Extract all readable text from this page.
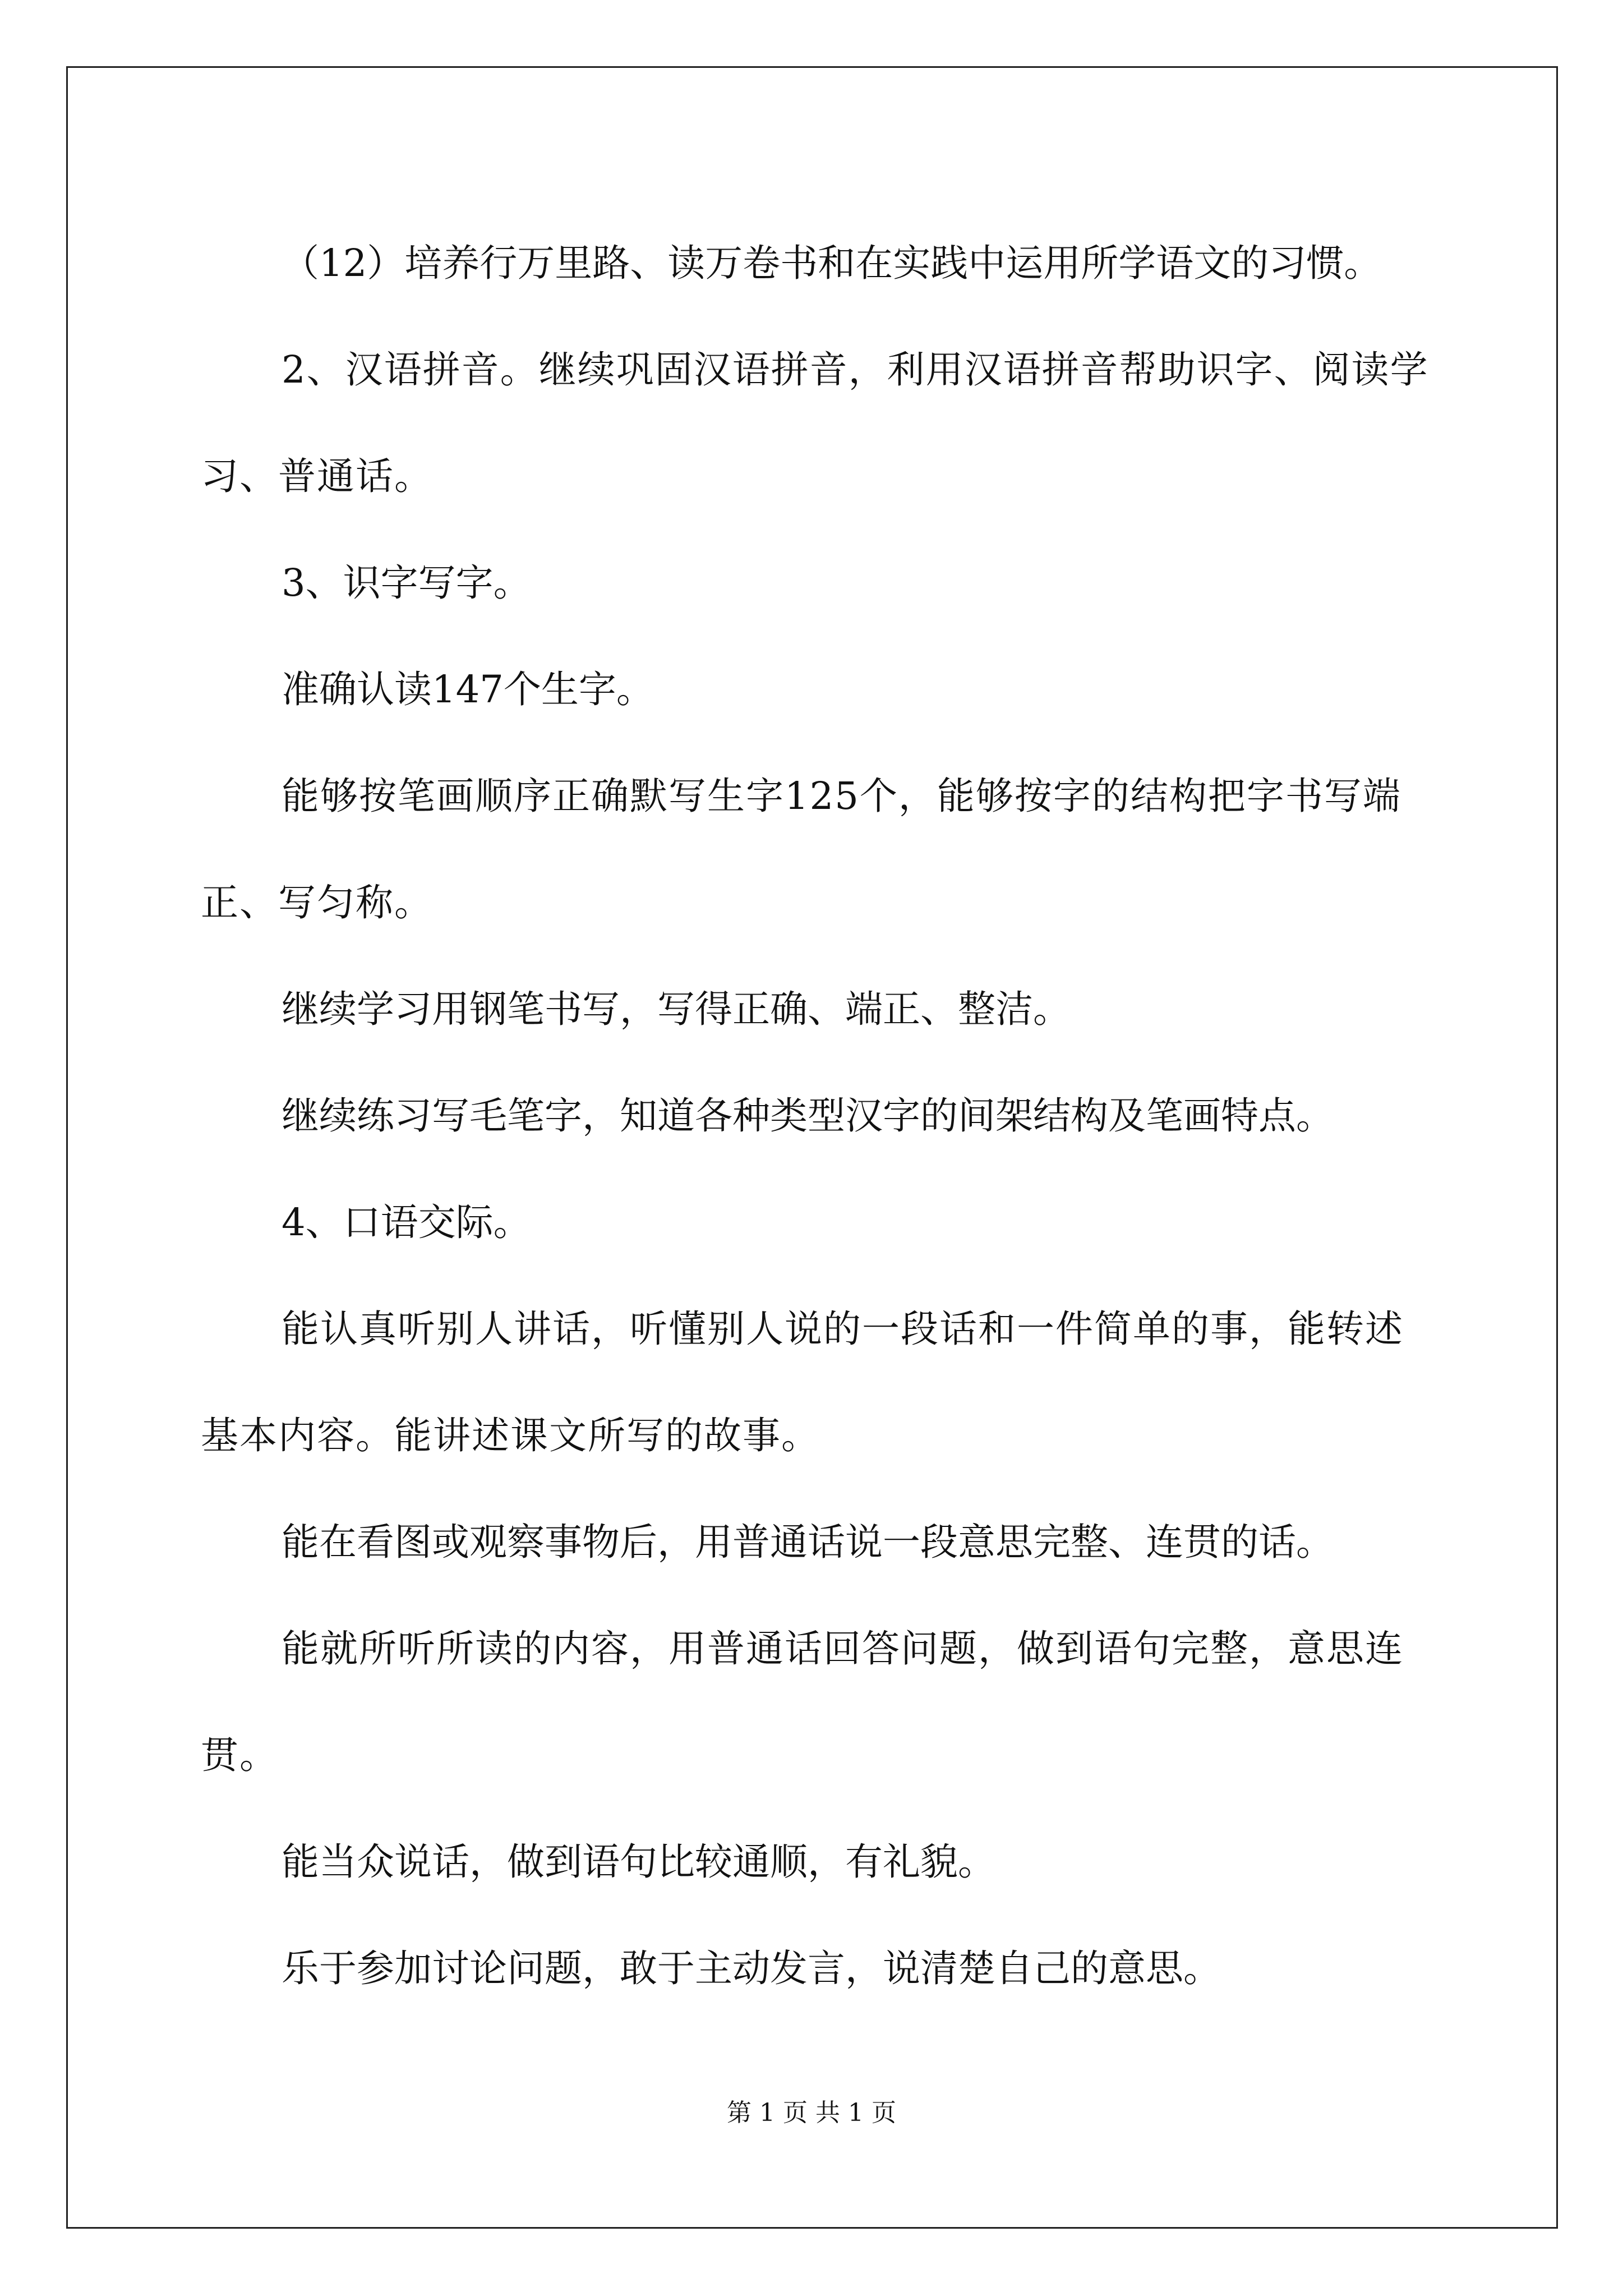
（12）培养行万里路、读万卷书和在实践中运用所学语文的习惯。

2、汉语拼音。继续巩固汉语拼音，利用汉语拼音帮助识字、阅读学习、普通话。

3、识字写字。

准确认读147个生字。

能够按笔画顺序正确默写生字125个，能够按字的结构把字书写端正、写匀称。

继续学习用钢笔书写，写得正确、端正、整洁。

继续练习写毛笔字，知道各种类型汉字的间架结构及笔画特点。

4、口语交际。

能认真听别人讲话，听懂别人说的一段话和一件简单的事，能转述基本内容。能讲述课文所写的故事。

能在看图或观察事物后，用普通话说一段意思完整、连贯的话。

能就所听所读的内容，用普通话回答问题，做到语句完整，意思连贯。

能当众说话，做到语句比较通顺，有礼貌。

乐于参加讨论问题，敢于主动发言，说清楚自己的意思。

第 1 页 共 1 页
